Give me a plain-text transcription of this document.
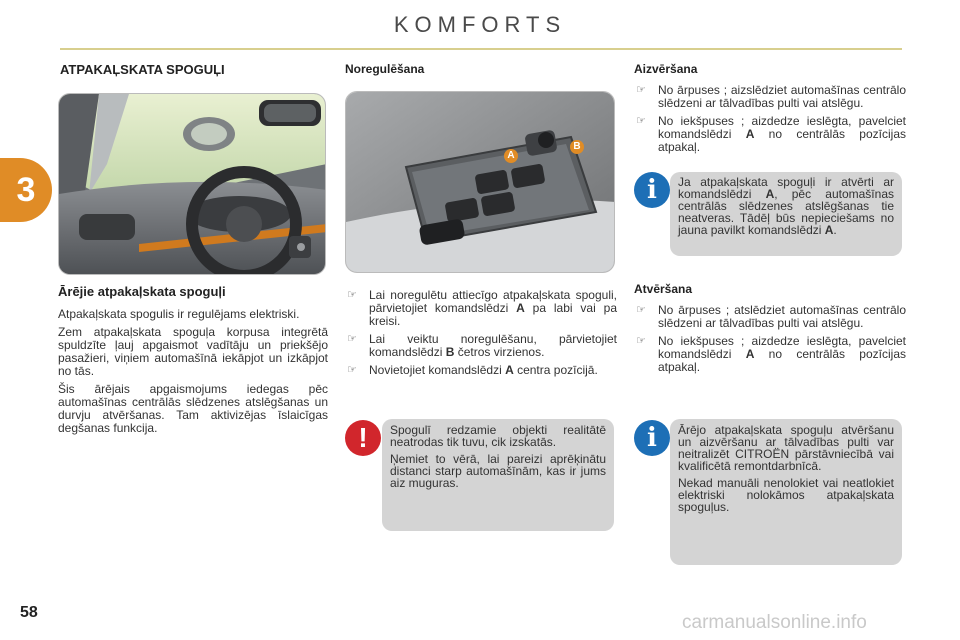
KOMFORTS
3
ATPAKAĻSKATA SPOGUĻI
Ārējie atpakaļskata spoguļi

Atpakaļskata spogulis ir regulējams elektriski.

Zem atpakaļskata spoguļa korpusa integrētā spuldzīte ļauj apgaismot vadītāju un priekšējo pasažieri, viņiem automašīnā iekāpjot un izkāpjot no tās.

Šis ārējais apgaismojums iedegas pēc automašīnas centrālās slēdzenes atslēgšanas un durvju atvēršanas. Tam aktivizējas īslaicīgas degšanas funkcija.

Noregulēšana
A
B
☞ Lai noregulētu attiecīgo atpakaļskata spoguli, pārvietojiet komandslēdzi A pa labi vai pa kreisi.
☞ Lai veiktu noregulēšanu, pārvietojiet komandslēdzi B četros virzienos.
☞ Novietojiet komandslēdzi A centra pozīcijā.
!	Spogulī redzamie objekti realitātē neatrodas tik tuvu, cik izskatās.

Ņemiet to vērā, lai pareizi aprēķinātu distanci starp automašīnām, kas ir jums aiz muguras.

Aizvēršana
☞ No ārpuses ; aizslēdziet automašīnas centrālo slēdzeni ar tālvadības pulti vai atslēgu.
☞ No iekšpuses ; aizdedze ieslēgta, pavelciet komandslēdzi A no centrālās pozīcijas atpakaļ.
i	Ja atpakaļskata spoguļi ir atvērti ar komandslēdzi A, pēc automašīnas centrālās slēdzenes atslēgšanas tie neatveras. Tādēļ būs nepieciešams no jauna pavilkt komandslēdzi A.

Atvēršana
☞ No ārpuses ; atslēdziet automašīnas centrālo slēdzeni ar tālvadības pulti vai atslēgu.
☞ No iekšpuses ; aizdedze ieslēgta, pavelciet komandslēdzi A no centrālās pozīcijas atpakaļ.
i	Ārējo atpakaļskata spoguļu atvēršanu un aizvēršanu ar tālvadības pulti var neitralizēt CITROËN pārstāvniecībā vai kvalificētā remontdarbnīcā.

Nekad manuāli nenolokiet vai neatlokiet elektriski nolokāmos atpakaļskata spoguļus.

58	carmanualsonline.info
